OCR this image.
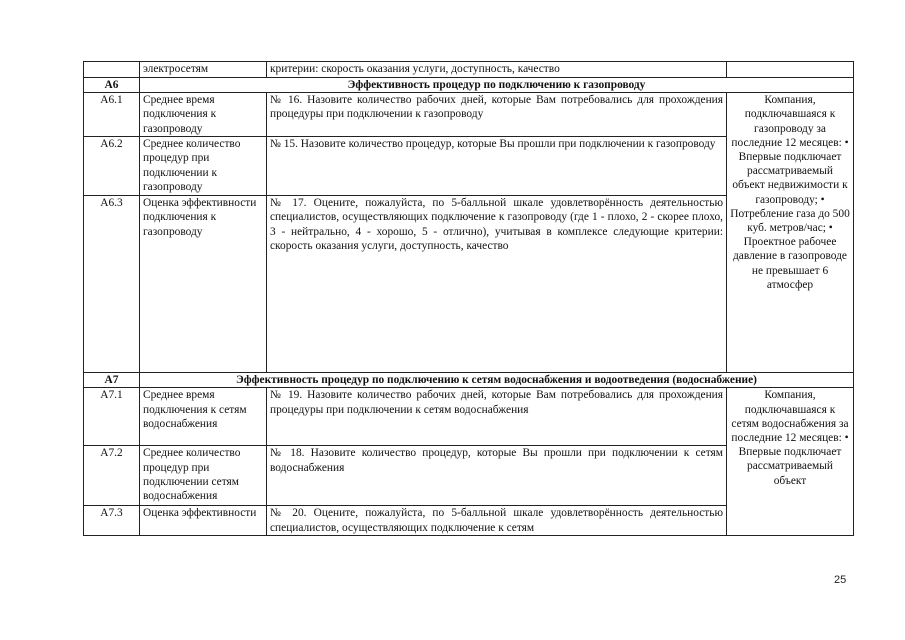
	электросетям	критерии: скорость оказания услуги, доступность, качество	
А6	Эффективность процедур по подключению к газопроводу		
А6.1	Среднее время подключения к газопроводу	№ 16. Назовите количество рабочих дней, которые Вам потребовались для прохождения процедуры при подключении к газопроводу	Компания, подключавшаяся к газопроводу за последние 12 месяцев: • Впервые подключает рассматриваемый объект недвижимости к газопроводу; • Потребление газа до 500 куб. метров/час; • Проектное рабочее давление в газопроводе не превышает 6 атмосфер
А6.2	Среднее количество процедур при подключении к газопроводу	№ 15. Назовите количество процедур, которые Вы прошли при подключении к газопроводу	
А6.3	Оценка эффективности подключения к газопроводу	№ 17. Оцените, пожалуйста, по 5-балльной шкале удовлетворённость деятельностью специалистов, осуществляющих подключение к газопроводу (где 1 - плохо, 2 - скорее плохо, 3 - нейтрально, 4 - хорошо, 5 - отлично), учитывая в комплексе следующие критерии: скорость оказания услуги, доступность, качество	
А7	Эффективность процедур по подключению к сетям водоснабжения и водоотведения (водоснабжение)		
А7.1	Среднее время подключения к сетям водоснабжения	№ 19. Назовите количество рабочих дней, которые Вам потребовались для прохождения процедуры при подключении к сетям водоснабжения	Компания, подключавшаяся к сетям водоснабжения за последние 12 месяцев: • Впервые подключает рассматриваемый объект
А7.2	Среднее количество процедур при подключении сетям водоснабжения	№ 18. Назовите количество процедур, которые Вы прошли при подключении к сетям водоснабжения	
А7.3	Оценка эффективности	№ 20. Оцените, пожалуйста, по 5-балльной шкале удовлетворённость деятельностью специалистов, осуществляющих подключение к сетям	
25
